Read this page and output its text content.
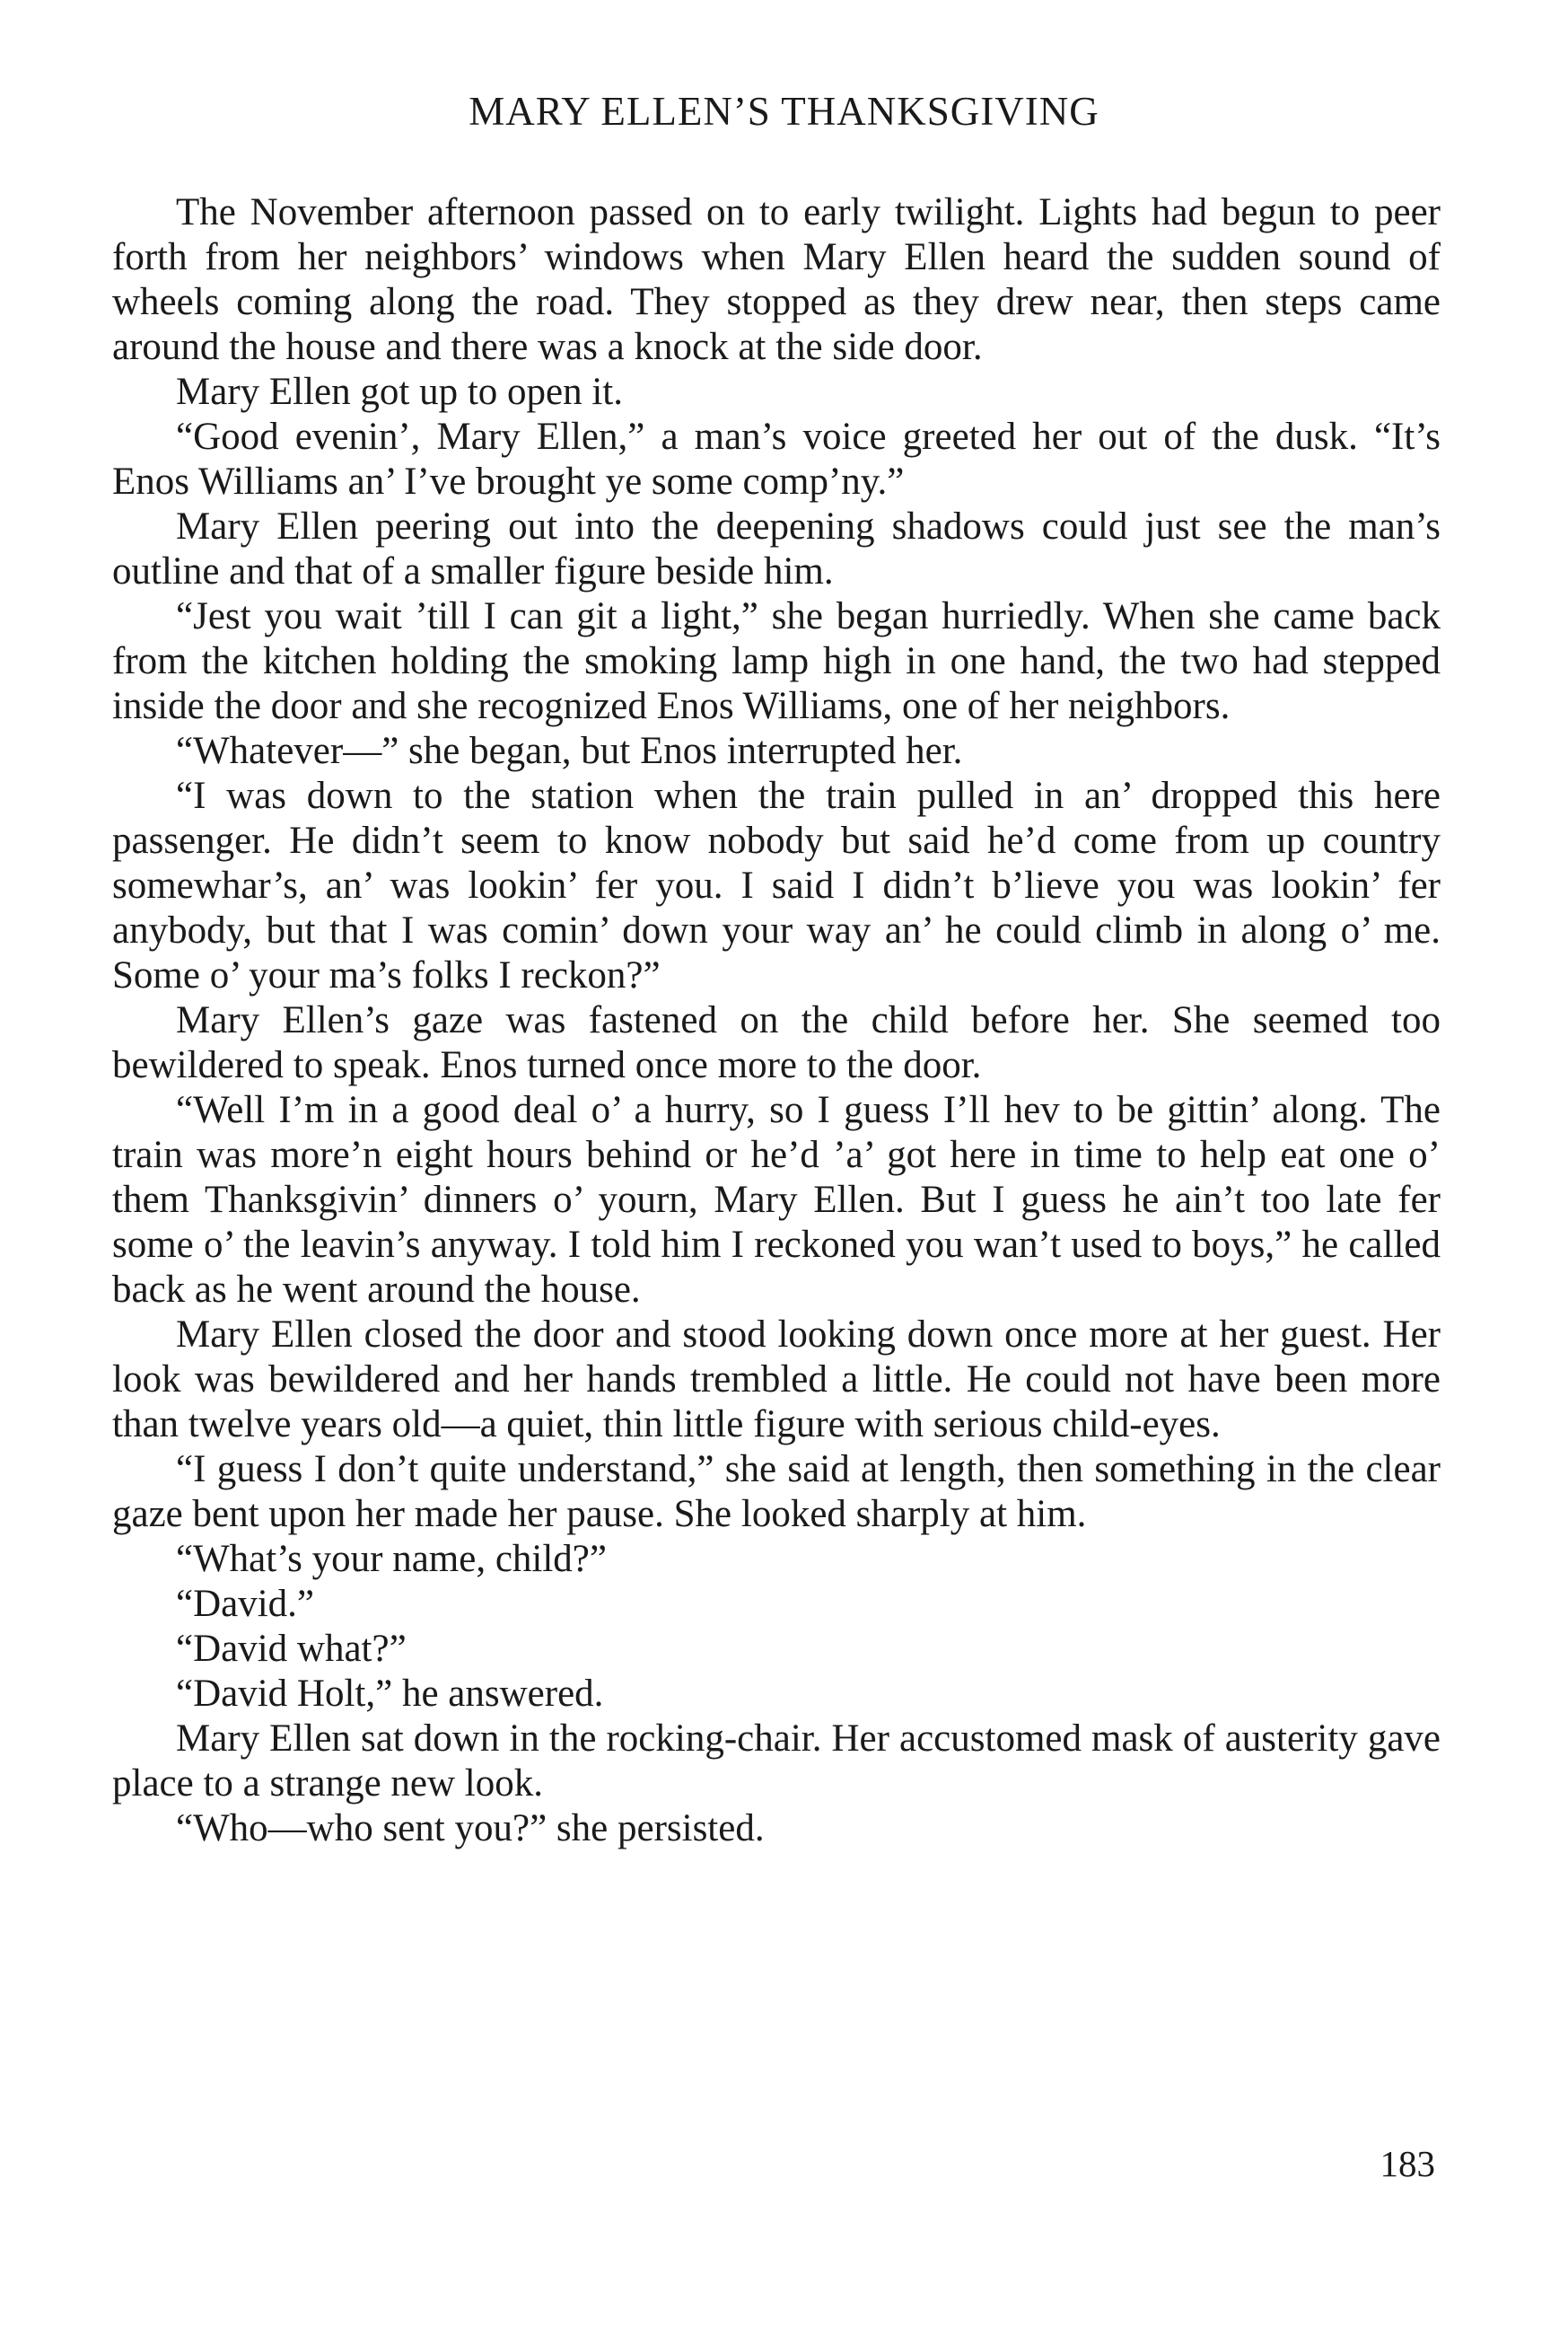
MARY ELLEN’S THANKSGIVING

The November afternoon passed on to early twilight. Lights had begun to peer forth from her neighbors’ windows when Mary Ellen heard the sudden sound of wheels coming along the road. They stopped as they drew near, then steps came around the house and there was a knock at the side door.

Mary Ellen got up to open it.

“Good evenin’, Mary Ellen,” a man’s voice greeted her out of the dusk. “It’s Enos Williams an’ I’ve brought ye some comp’ny.”

Mary Ellen peering out into the deepening shadows could just see the man’s outline and that of a smaller figure beside him.

“Jest you wait ’till I can git a light,” she began hurriedly. When she came back from the kitchen holding the smoking lamp high in one hand, the two had stepped inside the door and she recognized Enos Williams, one of her neighbors.

“Whatever—” she began, but Enos interrupted her.

“I was down to the station when the train pulled in an’ dropped this here passenger. He didn’t seem to know nobody but said he’d come from up country somewhar’s, an’ was lookin’ fer you. I said I didn’t b’lieve you was lookin’ fer anybody, but that I was comin’ down your way an’ he could climb in along o’ me. Some o’ your ma’s folks I reckon?”

Mary Ellen’s gaze was fastened on the child before her. She seemed too bewildered to speak. Enos turned once more to the door.

“Well I’m in a good deal o’ a hurry, so I guess I’ll hev to be gittin’ along. The train was more’n eight hours behind or he’d ’a’ got here in time to help eat one o’ them Thanksgivin’ dinners o’ yourn, Mary Ellen. But I guess he ain’t too late fer some o’ the leavin’s anyway. I told him I reckoned you wan’t used to boys,” he called back as he went around the house.

Mary Ellen closed the door and stood looking down once more at her guest. Her look was bewildered and her hands trembled a little. He could not have been more than twelve years old—a quiet, thin little figure with serious child-eyes.

“I guess I don’t quite understand,” she said at length, then something in the clear gaze bent upon her made her pause. She looked sharply at him.

“What’s your name, child?”

“David.”

“David what?”

“David Holt,” he answered.

Mary Ellen sat down in the rocking-chair. Her accustomed mask of austerity gave place to a strange new look.

“Who—who sent you?” she persisted.

183
